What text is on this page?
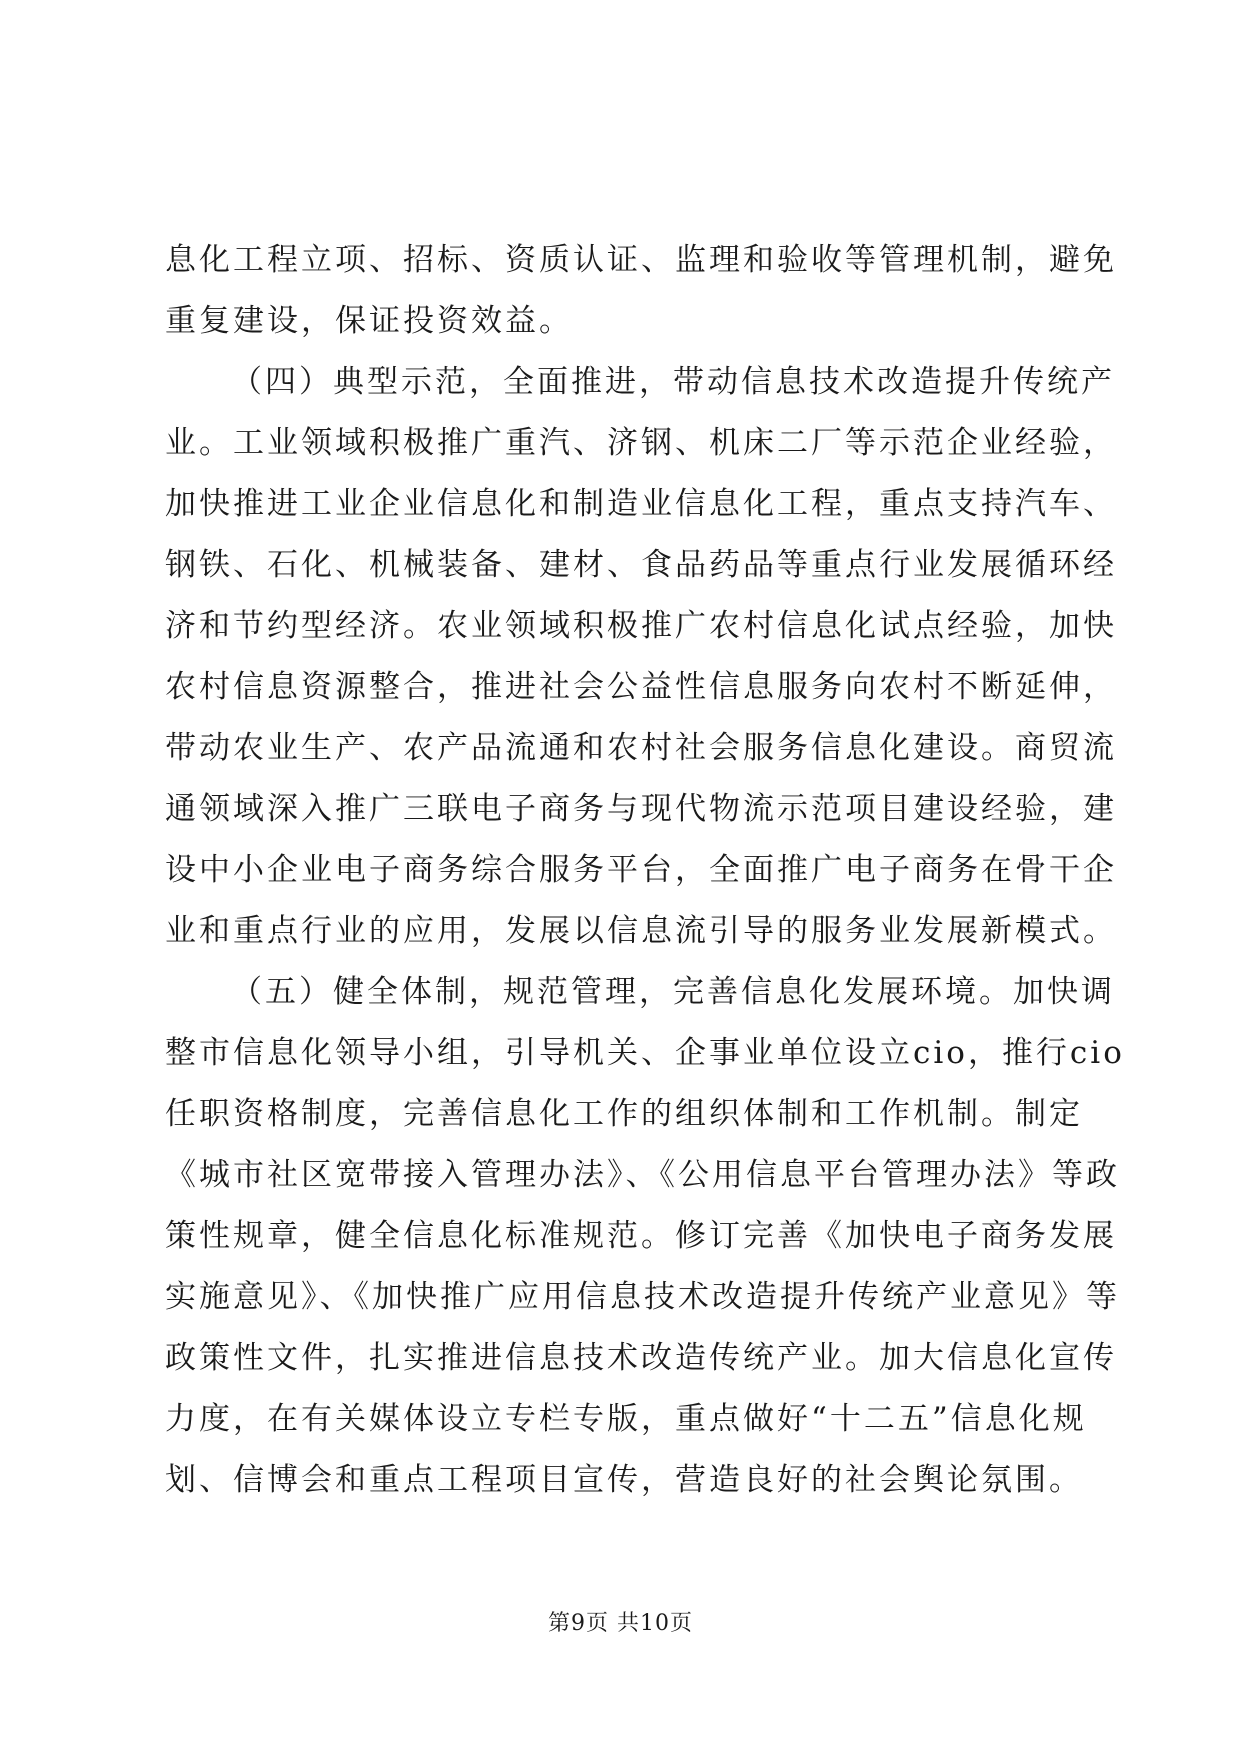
息化工程立项、招标、资质认证、监理和验收等管理机制，避免
重复建设，保证投资效益。
（四）典型示范，全面推进，带动信息技术改造提升传统产
业。工业领域积极推广重汽、济钢、机床二厂等示范企业经验，
加快推进工业企业信息化和制造业信息化工程，重点支持汽车、
钢铁、石化、机械装备、建材、食品药品等重点行业发展循环经
济和节约型经济。农业领域积极推广农村信息化试点经验，加快
农村信息资源整合，推进社会公益性信息服务向农村不断延伸，
带动农业生产、农产品流通和农村社会服务信息化建设。商贸流
通领域深入推广三联电子商务与现代物流示范项目建设经验，建
设中小企业电子商务综合服务平台，全面推广电子商务在骨干企
业和重点行业的应用，发展以信息流引导的服务业发展新模式。
（五）健全体制，规范管理，完善信息化发展环境。加快调
整市信息化领导小组，引导机关、企事业单位设立cio，推行cio
任职资格制度，完善信息化工作的组织体制和工作机制。制定
《城市社区宽带接入管理办法》、《公用信息平台管理办法》等政
策性规章，健全信息化标准规范。修订完善《加快电子商务发展
实施意见》、《加快推广应用信息技术改造提升传统产业意见》等
政策性文件，扎实推进信息技术改造传统产业。加大信息化宣传
力度，在有关媒体设立专栏专版，重点做好“十二五”信息化规
划、信博会和重点工程项目宣传，营造良好的社会舆论氛围。
第9页 共10页
